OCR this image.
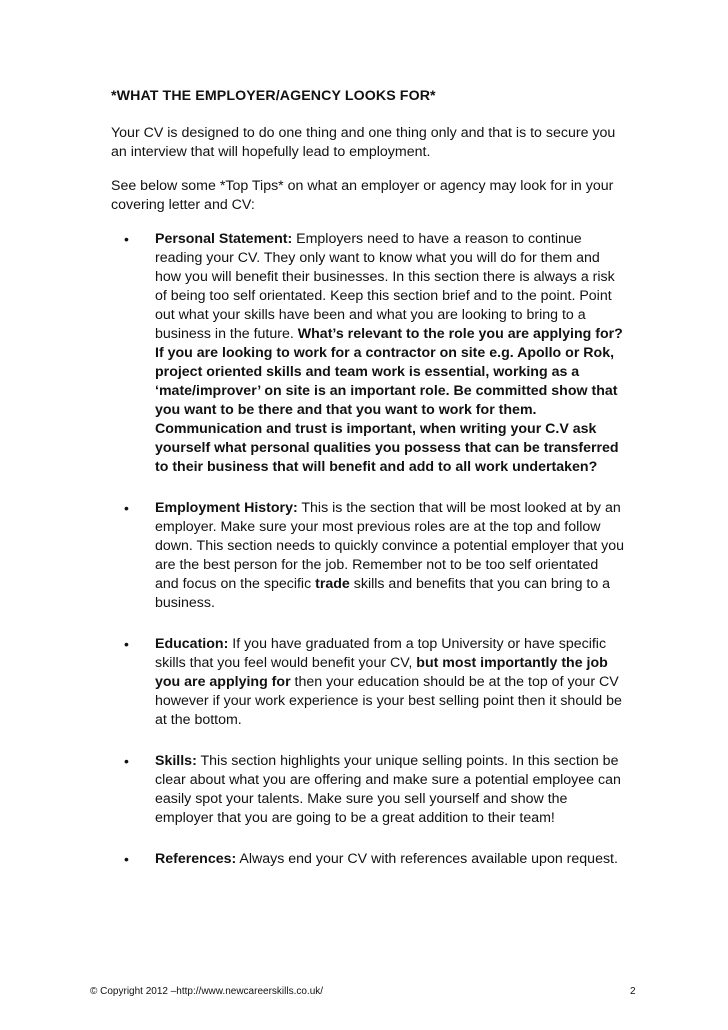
*WHAT THE EMPLOYER/AGENCY LOOKS FOR*
Your CV is designed to do one thing and one thing only and that is to secure you an interview that will hopefully lead to employment.
See below some *Top Tips* on what an employer or agency may look for in your covering letter and CV:
• Personal Statement: Employers need to have a reason to continue reading your CV. They only want to know what you will do for them and how you will benefit their businesses. In this section there is always a risk of being too self orientated. Keep this section brief and to the point. Point out what your skills have been and what you are looking to bring to a business in the future. What’s relevant to the role you are applying for? If you are looking to work for a contractor on site e.g. Apollo or Rok, project oriented skills and team work is essential, working as a ‘mate/improver’ on site is an important role. Be committed show that you want to be there and that you want to work for them. Communication and trust is important, when writing your C.V ask yourself what personal qualities you possess that can be transferred to their business that will benefit and add to all work undertaken?
• Employment History: This is the section that will be most looked at by an employer. Make sure your most previous roles are at the top and follow down. This section needs to quickly convince a potential employer that you are the best person for the job. Remember not to be too self orientated and focus on the specific trade skills and benefits that you can bring to a business.
• Education: If you have graduated from a top University or have specific skills that you feel would benefit your CV, but most importantly the job you are applying for then your education should be at the top of your CV however if your work experience is your best selling point then it should be at the bottom.
• Skills: This section highlights your unique selling points. In this section be clear about what you are offering and make sure a potential employee can easily spot your talents. Make sure you sell yourself and show the employer that you are going to be a great addition to their team!
• References: Always end your CV with references available upon request.
© Copyright 2012 –http://www.newcareerskills.co.uk/	2
